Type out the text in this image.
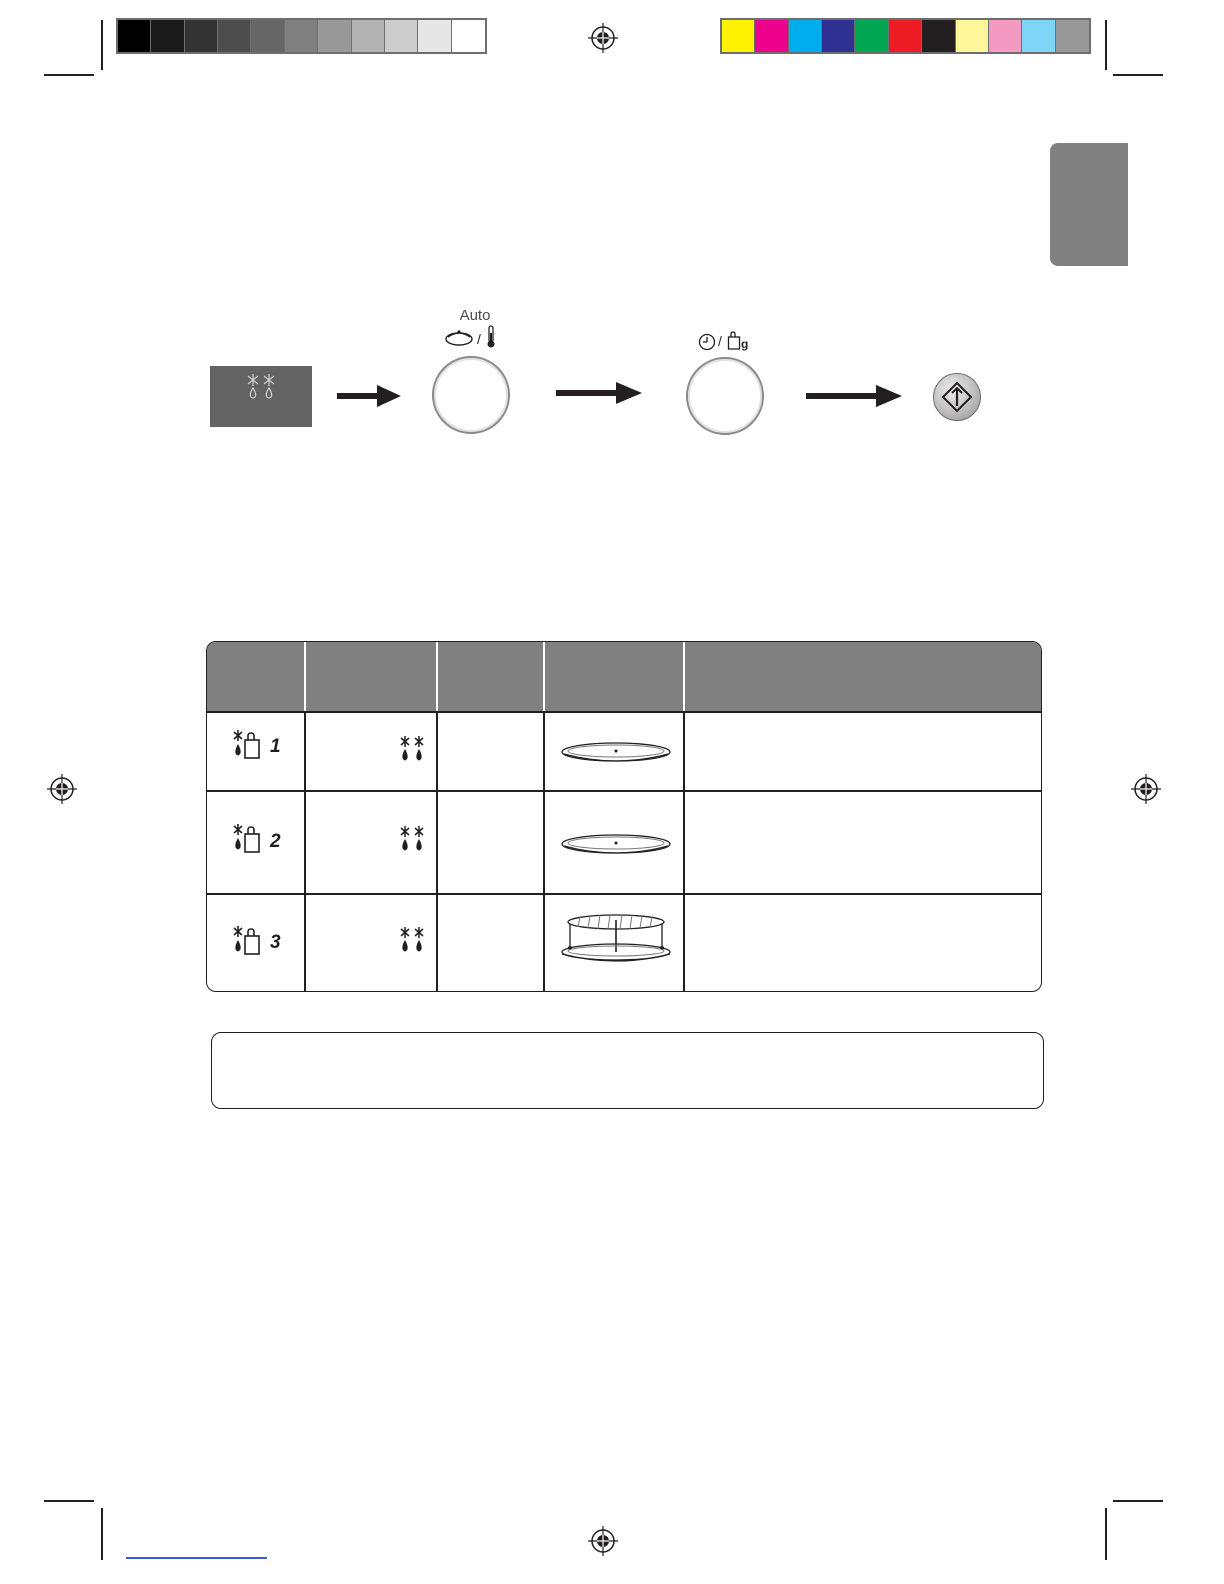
Auto
/	/ g
1
2
3
